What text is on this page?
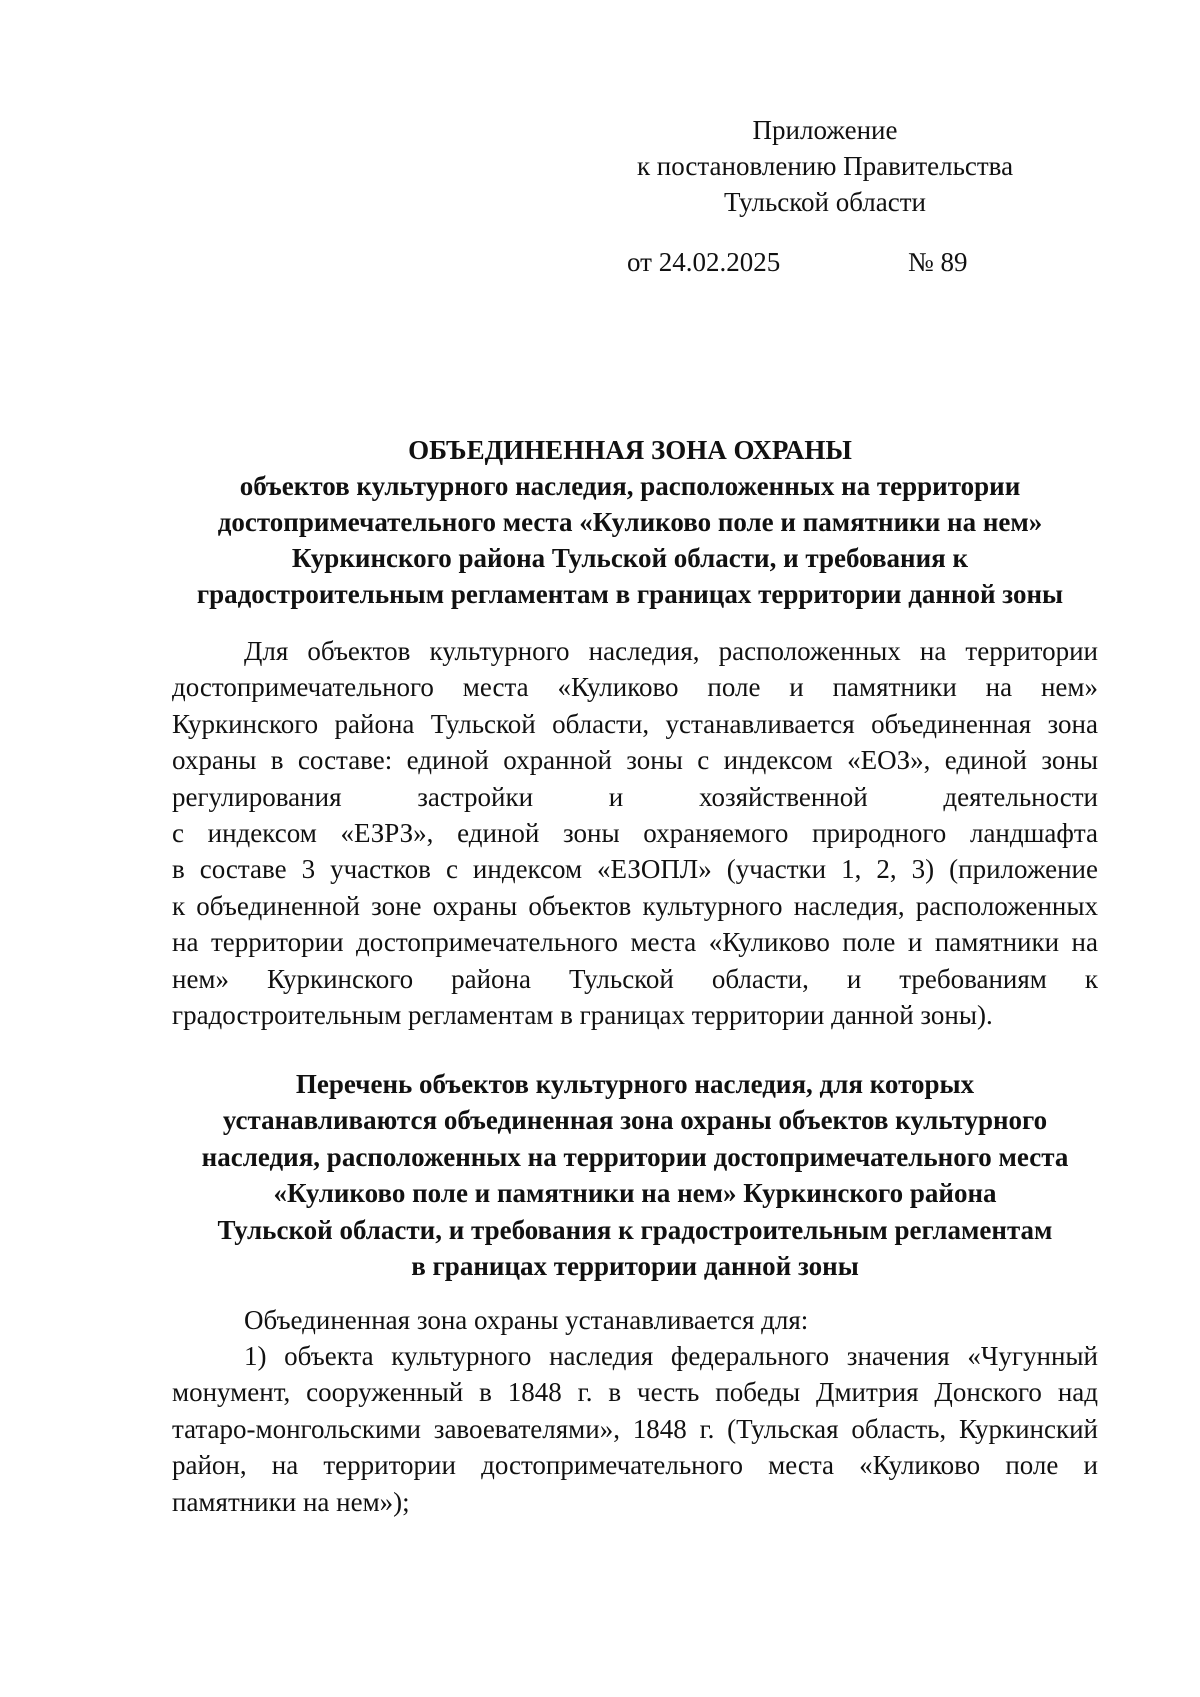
Приложение
к постановлению Правительства
Тульской области
от 24.02.2025	№ 89
ОБЪЕДИНЕННАЯ ЗОНА ОХРАНЫ
объектов культурного наследия, расположенных на территории
достопримечательного места «Куликово поле и памятники на нем»
Куркинского района Тульской области, и требования к
градостроительным регламентам в границах территории данной зоны
Для объектов культурного наследия, расположенных на территории
достопримечательного места «Куликово поле и памятники на нем»
Куркинского района Тульской области, устанавливается объединенная зона
охраны в составе: единой охранной зоны с индексом «ЕОЗ», единой зоны
регулирования застройки и хозяйственной деятельности
с индексом «ЕЗРЗ», единой зоны охраняемого природного ландшафта
в составе 3 участков с индексом «ЕЗОПЛ» (участки 1, 2, 3) (приложение
к объединенной зоне охраны объектов культурного наследия, расположенных
на территории достопримечательного места «Куликово поле и памятники на
нем» Куркинского района Тульской области, и требованиям к
градостроительным регламентам в границах территории данной зоны).
Перечень объектов культурного наследия, для которых
устанавливаются объединенная зона охраны объектов культурного
наследия, расположенных на территории достопримечательного места
«Куликово поле и памятники на нем» Куркинского района
Тульской области, и требования к градостроительным регламентам
в границах территории данной зоны
Объединенная зона охраны устанавливается для:
1) объекта культурного наследия федерального значения «Чугунный
монумент, сооруженный в 1848 г. в честь победы Дмитрия Донского над
татаро-монгольскими завоевателями», 1848 г. (Тульская область, Куркинский
район, на территории достопримечательного места «Куликово поле и
памятники на нем»);
